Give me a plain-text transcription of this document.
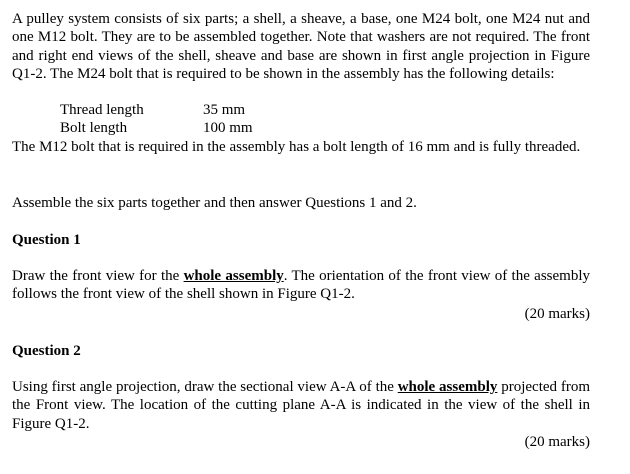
A pulley system consists of six parts; a shell, a sheave, a base, one M24 bolt, one M24 nut and one M12 bolt. They are to be assembled together. Note that washers are not required. The front and right end views of the shell, sheave and base are shown in first angle projection in Figure Q1-2. The M24 bolt that is required to be shown in the assembly has the following details:
Thread length	35 mm
Bolt length	100 mm
The M12 bolt that is required in the assembly has a bolt length of 16 mm and is fully threaded.
Assemble the six parts together and then answer Questions 1 and 2.
Question 1
Draw the front view for the whole assembly. The orientation of the front view of the assembly follows the front view of the shell shown in Figure Q1-2.
(20 marks)
Question 2
Using first angle projection, draw the sectional view A-A of the whole assembly projected from the Front view. The location of the cutting plane A-A is indicated in the view of the shell in Figure Q1-2.
(20 marks)
